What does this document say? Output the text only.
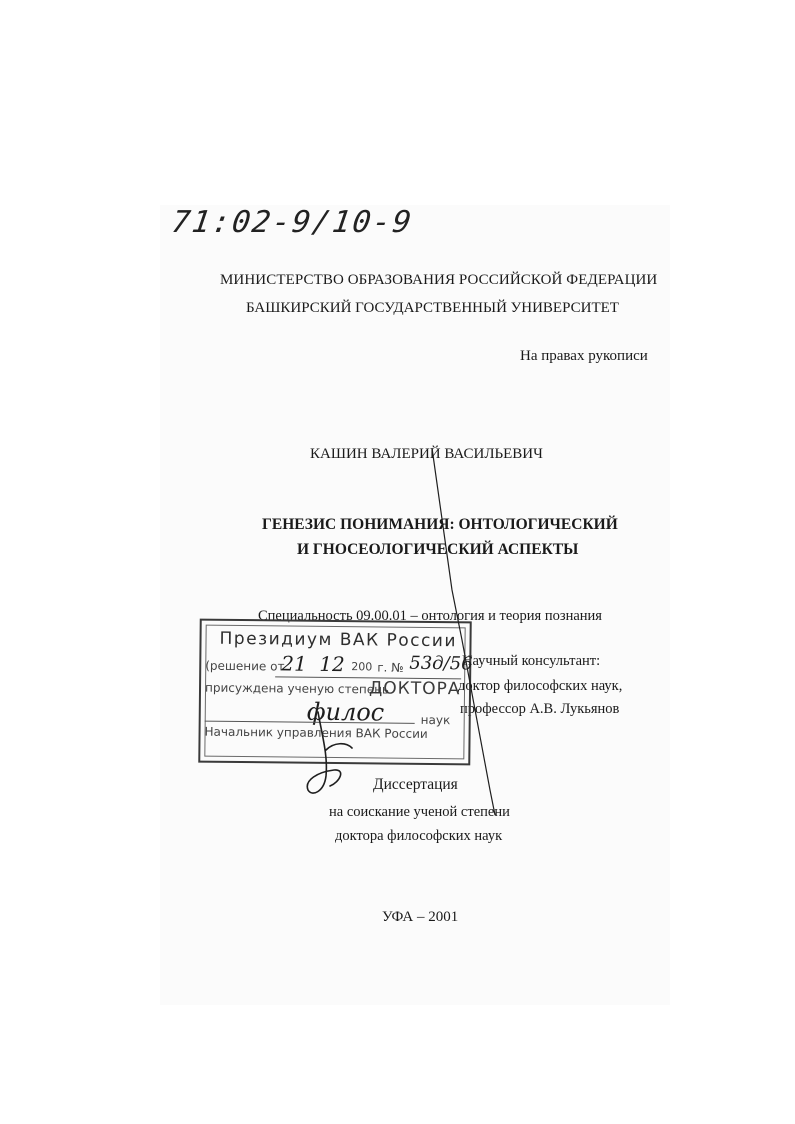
71:02-9/10-9
МИНИСТЕРСТВО ОБРАЗОВАНИЯ РОССИЙСКОЙ ФЕДЕРАЦИИ
БАШКИРСКИЙ ГОСУДАРСТВЕННЫЙ УНИВЕРСИТЕТ
На правах рукописи
КАШИН ВАЛЕРИЙ ВАСИЛЬЕВИЧ
ГЕНЕЗИС ПОНИМАНИЯ: ОНТОЛОГИЧЕСКИЙ
И ГНОСЕОЛОГИЧЕСКИЙ АСПЕКТЫ
Специальность 09.00.01 – онтология и теория познания
Научный консультант:
доктор философских наук,
профессор А.В. Лукьянов
Президиум ВАК России
(решение от
21 12 200 г. № 53д/56
присуждена ученую степень
ДОКТОРА
филос	наук
Начальник управления ВАК России
Диссертация
на соискание ученой степени
доктора философских наук
УФА – 2001
